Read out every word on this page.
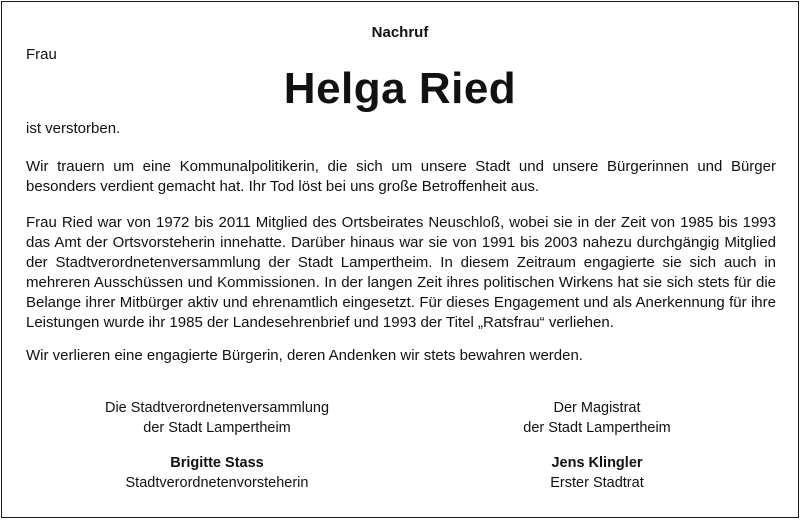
Nachruf
Frau
Helga Ried
ist verstorben.

Wir trauern um eine Kommunalpolitikerin, die sich um unsere Stadt und unsere Bürgerinnen und Bürger besonders verdient gemacht hat. Ihr Tod löst bei uns große Betroffenheit aus.

Frau Ried war von 1972 bis 2011 Mitglied des Ortsbeirates Neuschloß, wobei sie in der Zeit von 1985 bis 1993 das Amt der Ortsvorsteherin innehatte. Darüber hinaus war sie von 1991 bis 2003 nahezu durchgängig Mitglied der Stadtverordnetenversammlung der Stadt Lampertheim. In diesem Zeitraum engagierte sie sich auch in mehreren Ausschüssen und Kommissionen. In der langen Zeit ihres politischen Wirkens hat sie sich stets für die Belange ihrer Mitbürger aktiv und ehrenamtlich eingesetzt. Für dieses Engagement und als Anerkennung für ihre Leistungen wurde ihr 1985 der Landesehrenbrief und 1993 der Titel „Ratsfrau“ verliehen.

Wir verlieren eine engagierte Bürgerin, deren Andenken wir stets bewahren werden.

Die Stadtverordnetenversammlung
der Stadt Lampertheim
Brigitte Stass
Stadtverordnetenvorsteherin
Der Magistrat
der Stadt Lampertheim
Jens Klingler
Erster Stadtrat
